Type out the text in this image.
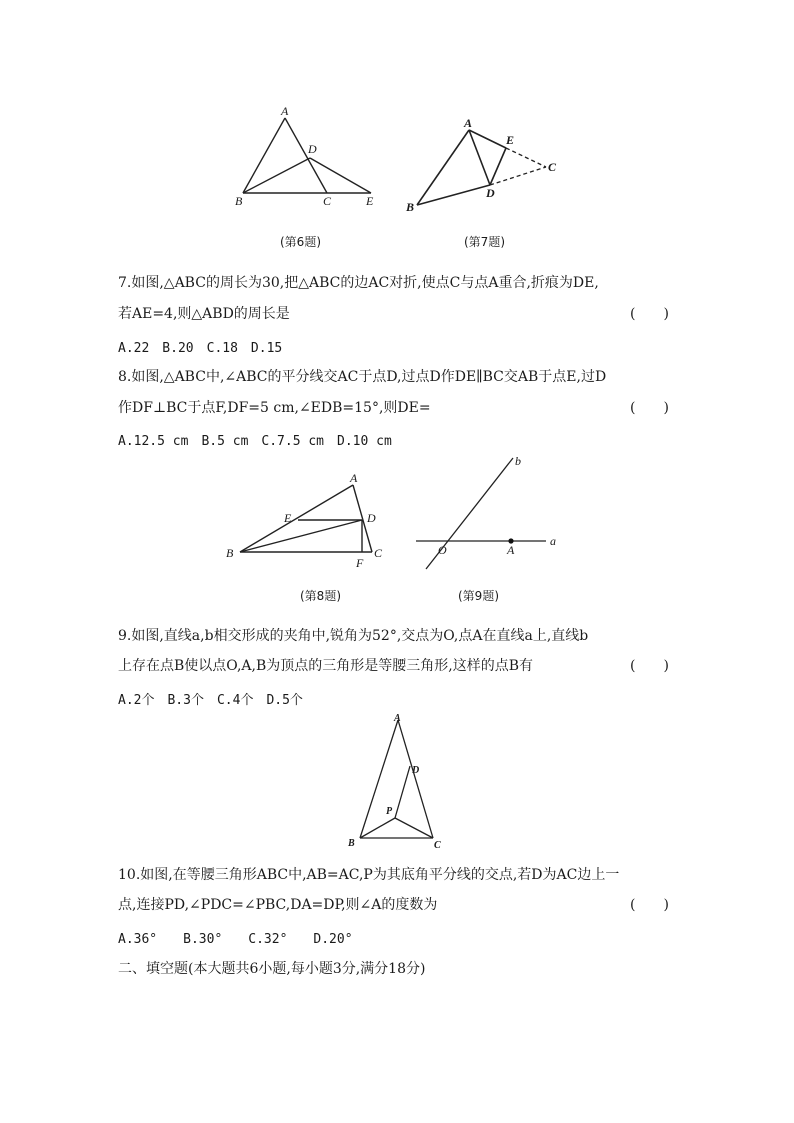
A
B	C
D
E
(第6题)
A
B
C
D
E
(第7题)
7.如图,△ABC的周长为30,把△ABC的边AC对折,使点C与点A重合,折痕为DE,
若AE=4,则△ABD的周长是	(　　)
A.22　B.20　C.18　D.15
8.如图,△ABC中,∠ABC的平分线交AC于点D,过点D作DE∥BC交AB于点E,过D
作DF⊥BC于点F,DF=5 cm,∠EDB=15°,则DE=	(　　)
A.12.5 cm　B.5 cm　C.7.5 cm　D.10 cm
A
B	C
D
E
F
(第8题)
O	A
a
b
(第9题)
9.如图,直线a,b相交形成的夹角中,锐角为52°,交点为O,点A在直线a上,直线b
上存在点B使以点O,A,B为顶点的三角形是等腰三角形,这样的点B有	(　　)
A.2个　B.3个　C.4个　D.5个
A
B	C
D
P
10.如图,在等腰三角形ABC中,AB=AC,P为其底角平分线的交点,若D为AC边上一
点,连接PD,∠PDC=∠PBC,DA=DP,则∠A的度数为	(　　)
A.36°　　B.30°　　C.32°　　D.20°
二、填空题(本大题共6小题,每小题3分,满分18分)
